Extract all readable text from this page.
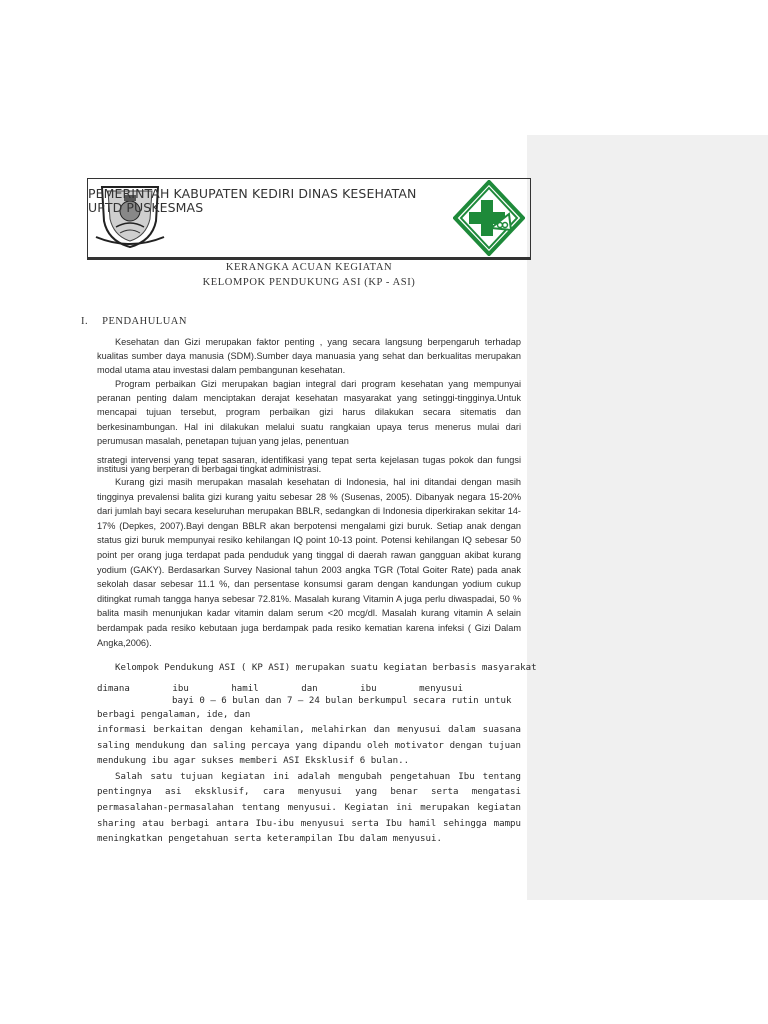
PEMERINTAH KABUPATEN KEDIRI DINAS KESEHATAN
UPTD PUSKESMAS
KERANGKA ACUAN KEGIATAN
KELOMPOK PENDUKUNG ASI (KP - ASI)
I. PENDAHULUAN

Kesehatan dan Gizi merupakan faktor penting , yang secara langsung berpengaruh terhadap kualitas sumber daya manusia (SDM).Sumber daya manuasia yang sehat dan berkualitas merupakan modal utama atau investasi dalam pembangunan kesehatan.

Program perbaikan Gizi merupakan bagian integral dari program kesehatan yang mempunyai peranan penting dalam menciptakan derajat kesehatan masyarakat yang setinggi-tingginya.Untuk mencapai tujuan tersebut, program perbaikan gizi harus dilakukan secara sitematis dan berkesinambungan. Hal ini dilakukan melalui suatu rangkaian upaya terus menerus mulai dari perumusan masalah, penetapan tujuan yang jelas, penentuan

strategi intervensi yang tepat sasaran, identifikasi yang tepat serta kejelasan tugas pokok dan fungsi institusi yang berperan di berbagai tingkat administrasi.

Kurang gizi masih merupakan masalah kesehatan di Indonesia, hal ini ditandai dengan masih tingginya prevalensi balita gizi kurang yaitu sebesar 28 % (Susenas, 2005). Dibanyak negara 15-20% dari jumlah bayi secara keseluruhan merupakan BBLR, sedangkan di Indonesia diperkirakan sekitar 14-17% (Depkes, 2007).Bayi dengan BBLR akan berpotensi mengalami gizi buruk. Setiap anak dengan status gizi buruk mempunyai resiko kehilangan IQ point 10-13 point. Potensi kehilangan IQ sebesar 50 point per orang juga terdapat pada penduduk yang tinggal di daerah rawan gangguan akibat kurang yodium (GAKY). Berdasarkan Survey Nasional tahun 2003 angka TGR (Total Goiter Rate) pada anak sekolah dasar sebesar 11.1 %, dan persentase konsumsi garam dengan kandungan yodium cukup ditingkat rumah tangga hanya sebesar 72.81%. Masalah kurang Vitamin A juga perlu diwaspadai, 50 % balita masih menunjukan kadar vitamin dalam serum <20 mcg/dl. Masalah kurang vitamin A selain berdampak pada resiko kebutaan juga berdampak pada resiko kematian karena infeksi ( Gizi Dalam Angka,2006).

Kelompok Pendukung ASI ( KP ASI) merupakan suatu kegiatan berbasis masyarakat

dimana	ibu	hamil	dan	ibu	menyusui

bayi 0 – 6 bulan dan 7 – 24 bulan berkumpul secara rutin untuk

berbagi pengalaman, ide, dan

informasi berkaitan dengan kehamilan, melahirkan dan menyusui dalam suasana saling mendukung dan saling percaya yang dipandu oleh motivator dengan tujuan mendukung ibu agar sukses memberi ASI Eksklusif 6 bulan..

Salah satu tujuan kegiatan ini adalah mengubah pengetahuan Ibu tentang pentingnya asi eksklusif, cara menyusui yang benar serta mengatasi permasalahan-permasalahan tentang menyusui. Kegiatan ini merupakan kegiatan sharing atau berbagi antara Ibu-ibu menyusui serta Ibu hamil sehingga mampu meningkatkan pengetahuan serta keterampilan Ibu dalam menyusui.
